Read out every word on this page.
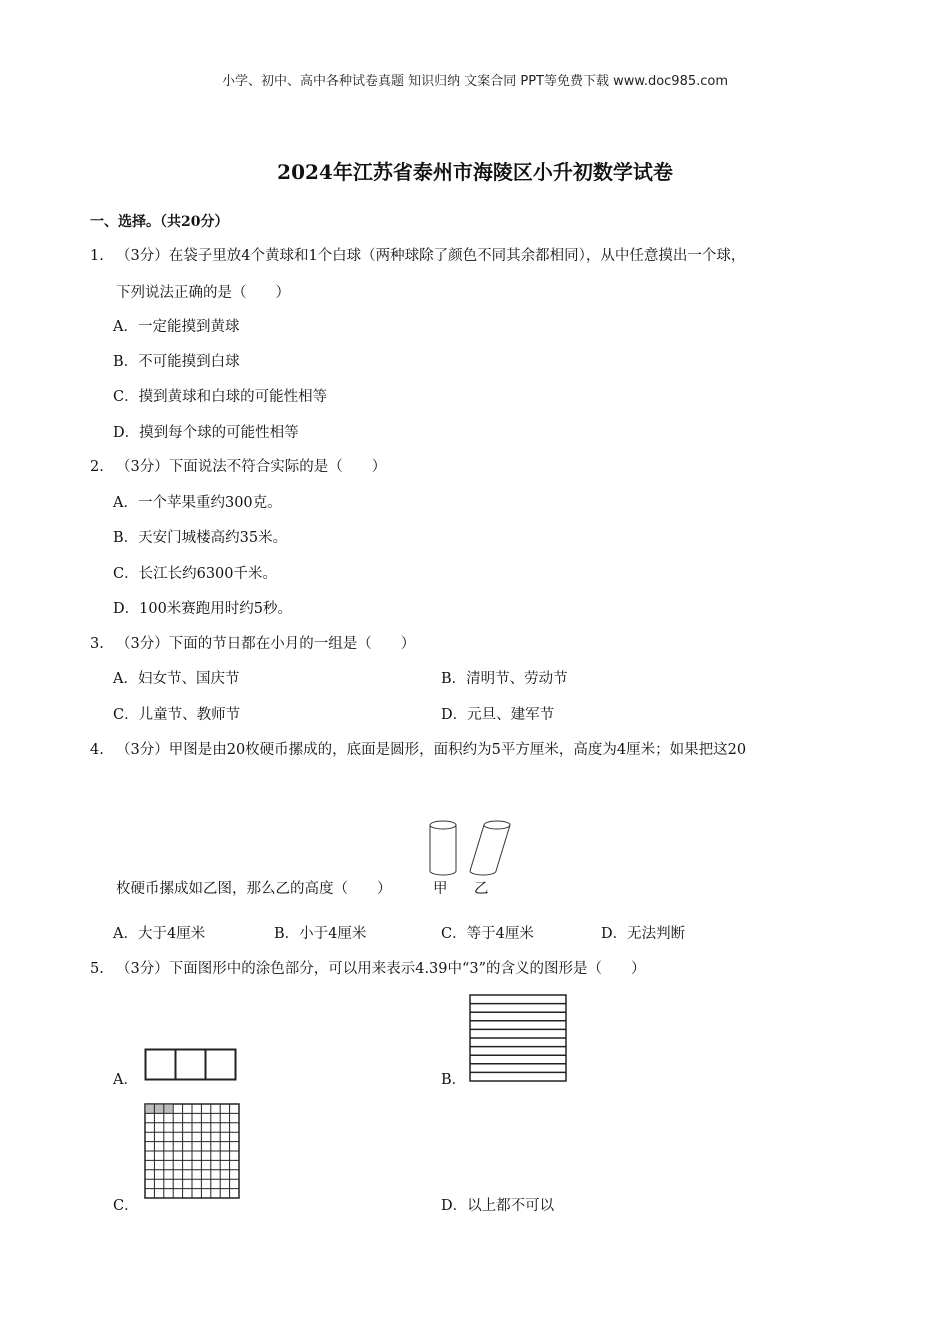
小学、初中、高中各种试卷真题 知识归纳 文案合同 PPT等免费下载 www.doc985.com
2024年江苏省泰州市海陵区小升初数学试卷
一、选择。（共20分）
1. （3分）在袋子里放4个黄球和1个白球（两种球除了颜色不同其余都相同），从中任意摸出一个球，
下列说法正确的是（　　）
A．一定能摸到黄球
B．不可能摸到白球
C．摸到黄球和白球的可能性相等
D．摸到每个球的可能性相等
2. （3分）下面说法不符合实际的是（　　）
A．一个苹果重约300克。
B．天安门城楼高约35米。
C．长江长约6300千米。
D．100米赛跑用时约5秒。
3. （3分）下面的节日都在小月的一组是（　　）
A．妇女节、国庆节	B．清明节、劳动节
C．儿童节、教师节	D．元旦、建军节
4. （3分）甲图是由20枚硬币摞成的，底面是圆形，面积约为5平方厘米，高度为4厘米；如果把这20
枚硬币摞成如乙图，那么乙的高度（　　）	甲 乙
A．大于4厘米	B．小于4厘米	C．等于4厘米	D．无法判断
5. （3分）下面图形中的涂色部分，可以用来表示4.39中“3”的含义的图形是（　　）
A．	B．
C．	D．以上都不可以
